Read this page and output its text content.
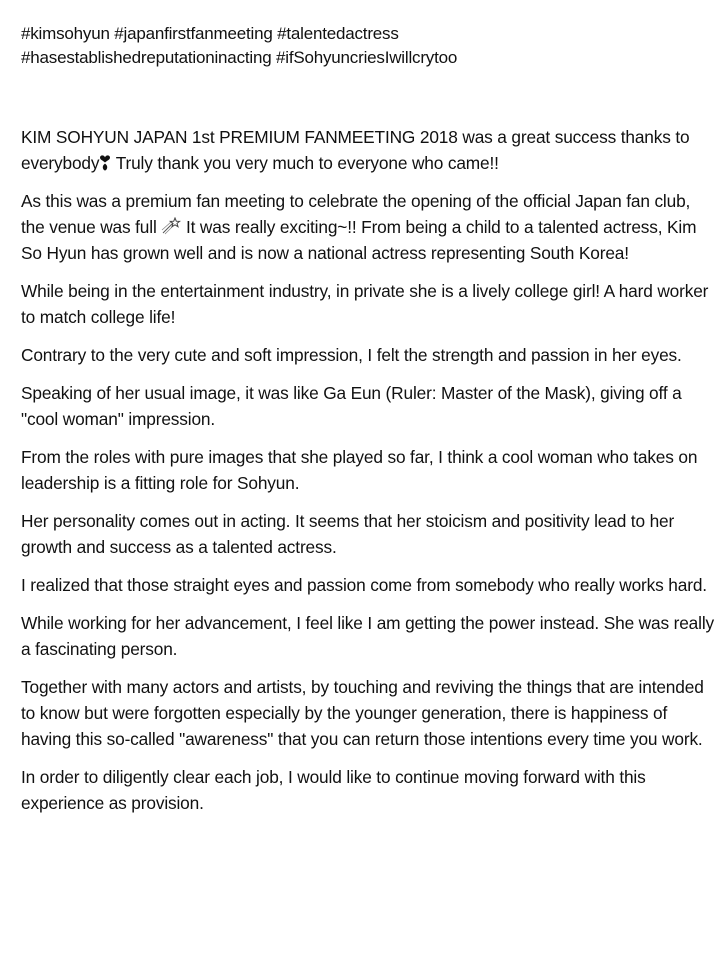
#kimsohyun #japanfirstfanmeeting #talentedactress
#hasestablishedreputationinacting #ifSohyuncriesIwillcrytoo

KIM SOHYUN JAPAN 1st PREMIUM FANMEETING 2018 was a great success thanks to everybody
Truly thank you very much to everyone who came!!

As this was a premium fan meeting to celebrate the opening of the official Japan fan club, the venue was full
It was really exciting~!! From being a child to a talented actress, Kim So Hyun has grown well and is now a national actress representing South Korea!

While being in the entertainment industry, in private she is a lively college girl! A hard worker to match college life!

Contrary to the very cute and soft impression, I felt the strength and passion in her eyes.

Speaking of her usual image, it was like Ga Eun (Ruler: Master of the Mask), giving off a "cool woman" impression.

From the roles with pure images that she played so far, I think a cool woman who takes on leadership is a fitting role for Sohyun.

Her personality comes out in acting. It seems that her stoicism and positivity lead to her growth and success as a talented actress.

I realized that those straight eyes and passion come from somebody who really works hard.

While working for her advancement, I feel like I am getting the power instead. She was really a fascinating person.

Together with many actors and artists, by touching and reviving the things that are intended to know but were forgotten especially by the younger generation, there is happiness of having this so-called "awareness" that you can return those intentions every time you work.

In order to diligently clear each job, I would like to continue moving forward with this experience as provision.
